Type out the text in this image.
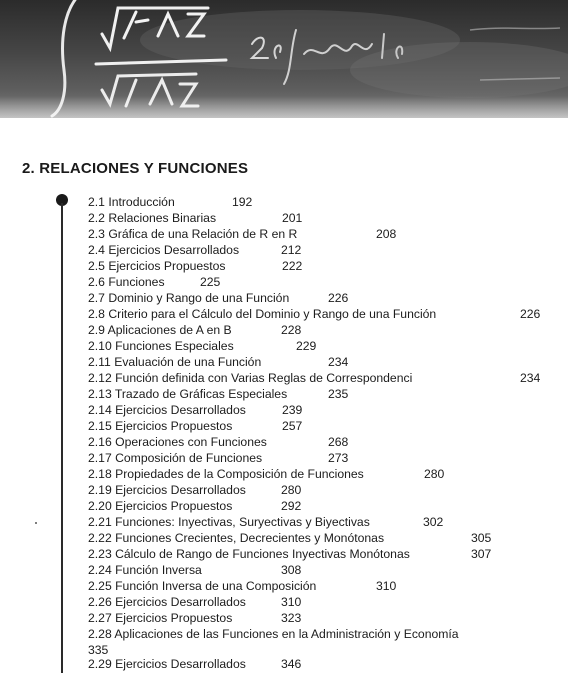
2. RELACIONES Y FUNCIONES
2.1 Introducción	192
2.2 Relaciones Binarias	201
2.3 Gráfica de una Relación de R en R	208
2.4 Ejercicios Desarrollados	212
2.5 Ejercicios Propuestos	222
2.6 Funciones	225
2.7 Dominio y Rango de una Función	226
2.8 Criterio para el Cálculo del Dominio y Rango de una Función	226
2.9 Aplicaciones de A en B	228
2.10 Funciones Especiales	229
2.11 Evaluación de una Función	234
2.12 Función definida con Varias Reglas de Correspondenci	234
2.13 Trazado de Gráficas Especiales	235
2.14 Ejercicios Desarrollados	239
2.15 Ejercicios Propuestos	257
2.16 Operaciones con Funciones	268
2.17 Composición de Funciones	273
2.18 Propiedades de la Composición de Funciones	280
2.19 Ejercicios Desarrollados	280
2.20 Ejercicios Propuestos	292
2.21 Funciones: Inyectivas, Suryectivas y Biyectivas	302
2.22 Funciones Crecientes, Decrecientes y Monótonas	305
2.23 Cálculo de Rango de Funciones Inyectivas Monótonas	307
2.24 Función Inversa	308
2.25 Función Inversa de una Composición	310
2.26 Ejercicios Desarrollados	310
2.27 Ejercicios Propuestos	323
2.28 Aplicaciones de las Funciones en la Administración y Economía
335
2.29 Ejercicios Desarrollados	346
